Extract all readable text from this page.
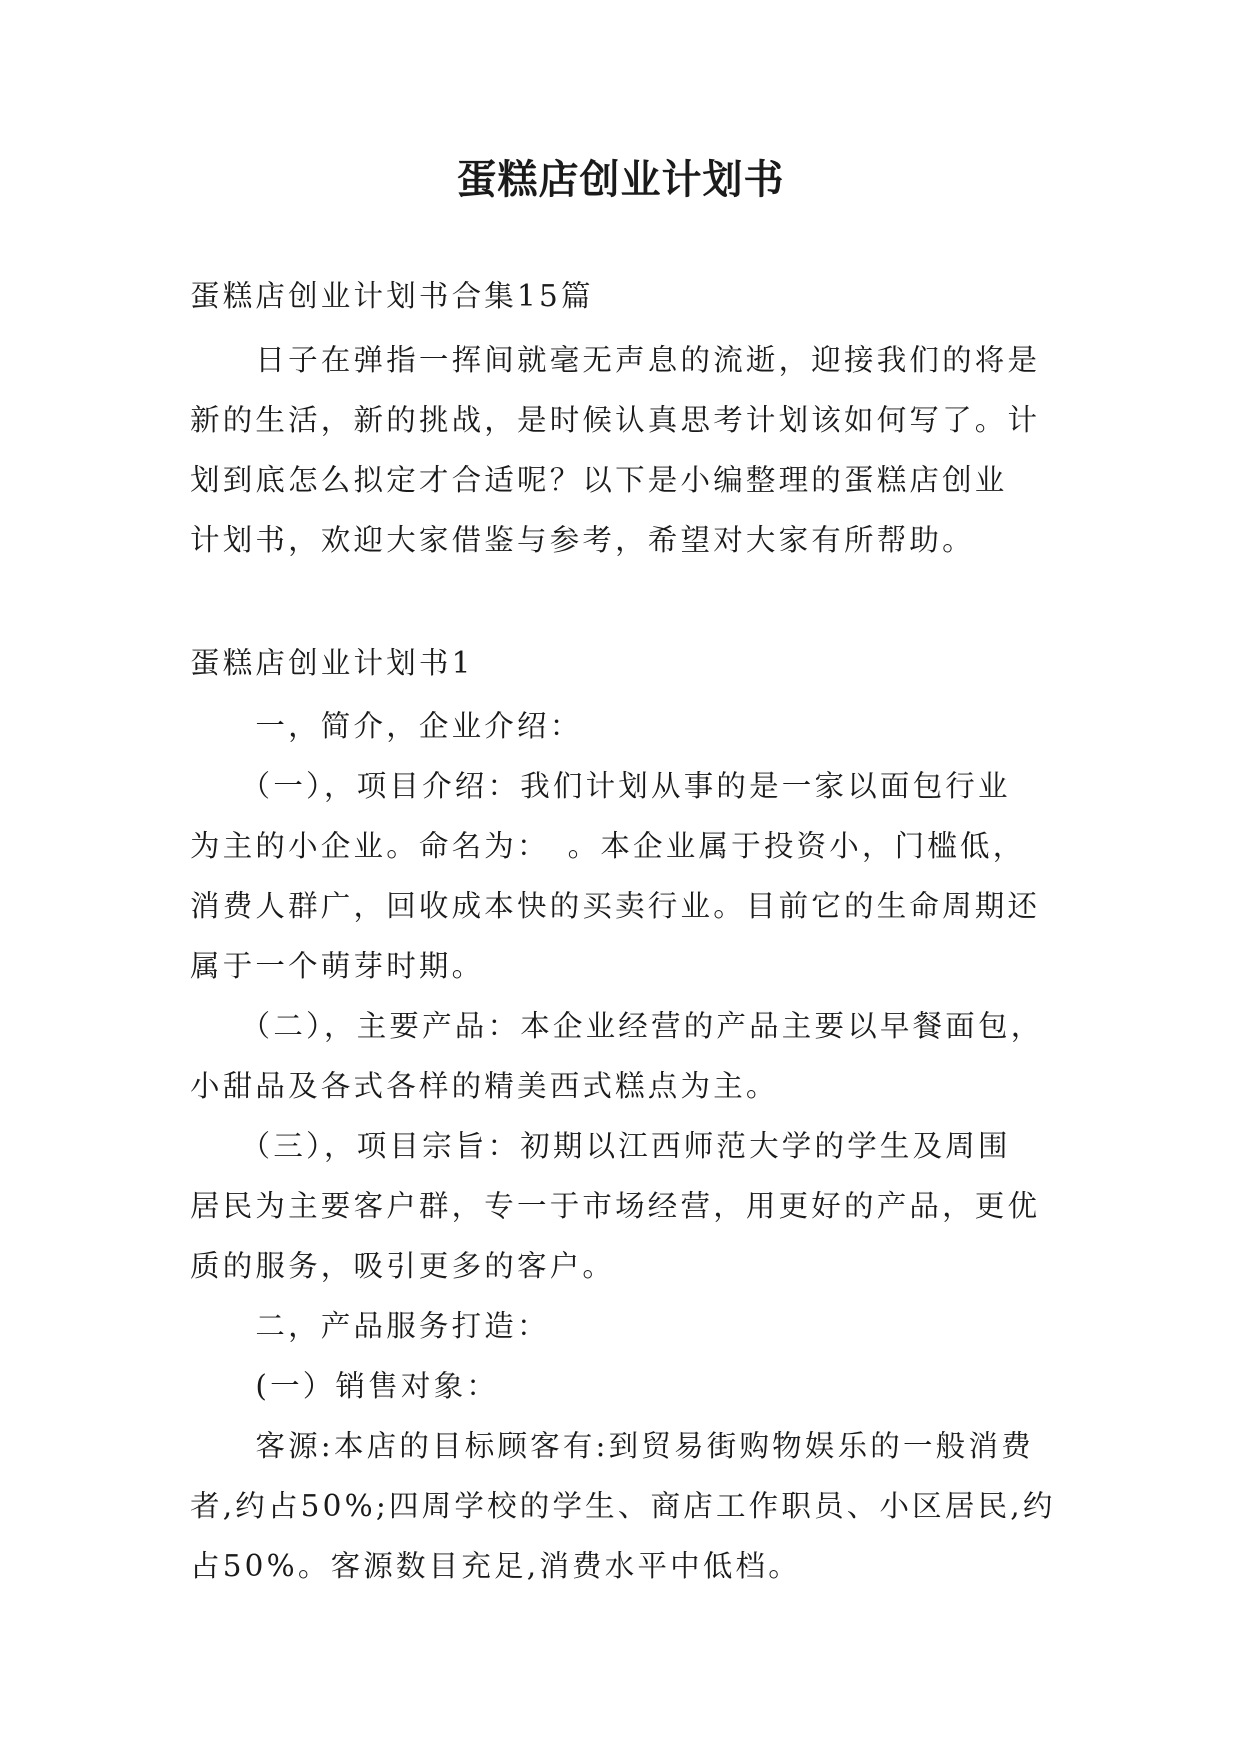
蛋糕店创业计划书
蛋糕店创业计划书合集15篇
　　日子在弹指一挥间就毫无声息的流逝，迎接我们的将是
新的生活，新的挑战，是时候认真思考计划该如何写了。计
划到底怎么拟定才合适呢？以下是小编整理的蛋糕店创业
计划书，欢迎大家借鉴与参考，希望对大家有所帮助。
蛋糕店创业计划书1
　　一，简介，企业介绍：
　　（一），项目介绍：我们计划从事的是一家以面包行业
为主的小企业。命名为：　。本企业属于投资小，门槛低，
消费人群广，回收成本快的买卖行业。目前它的生命周期还
属于一个萌芽时期。
　　（二），主要产品：本企业经营的产品主要以早餐面包，
小甜品及各式各样的精美西式糕点为主。
　　（三），项目宗旨：初期以江西师范大学的学生及周围
居民为主要客户群，专一于市场经营，用更好的产品，更优
质的服务，吸引更多的客户。
　　二，产品服务打造：
　　(一）销售对象：
　　客源:本店的目标顾客有:到贸易街购物娱乐的一般消费
者,约占50%;四周学校的学生、商店工作职员、小区居民,约
占50%。客源数目充足,消费水平中低档。
